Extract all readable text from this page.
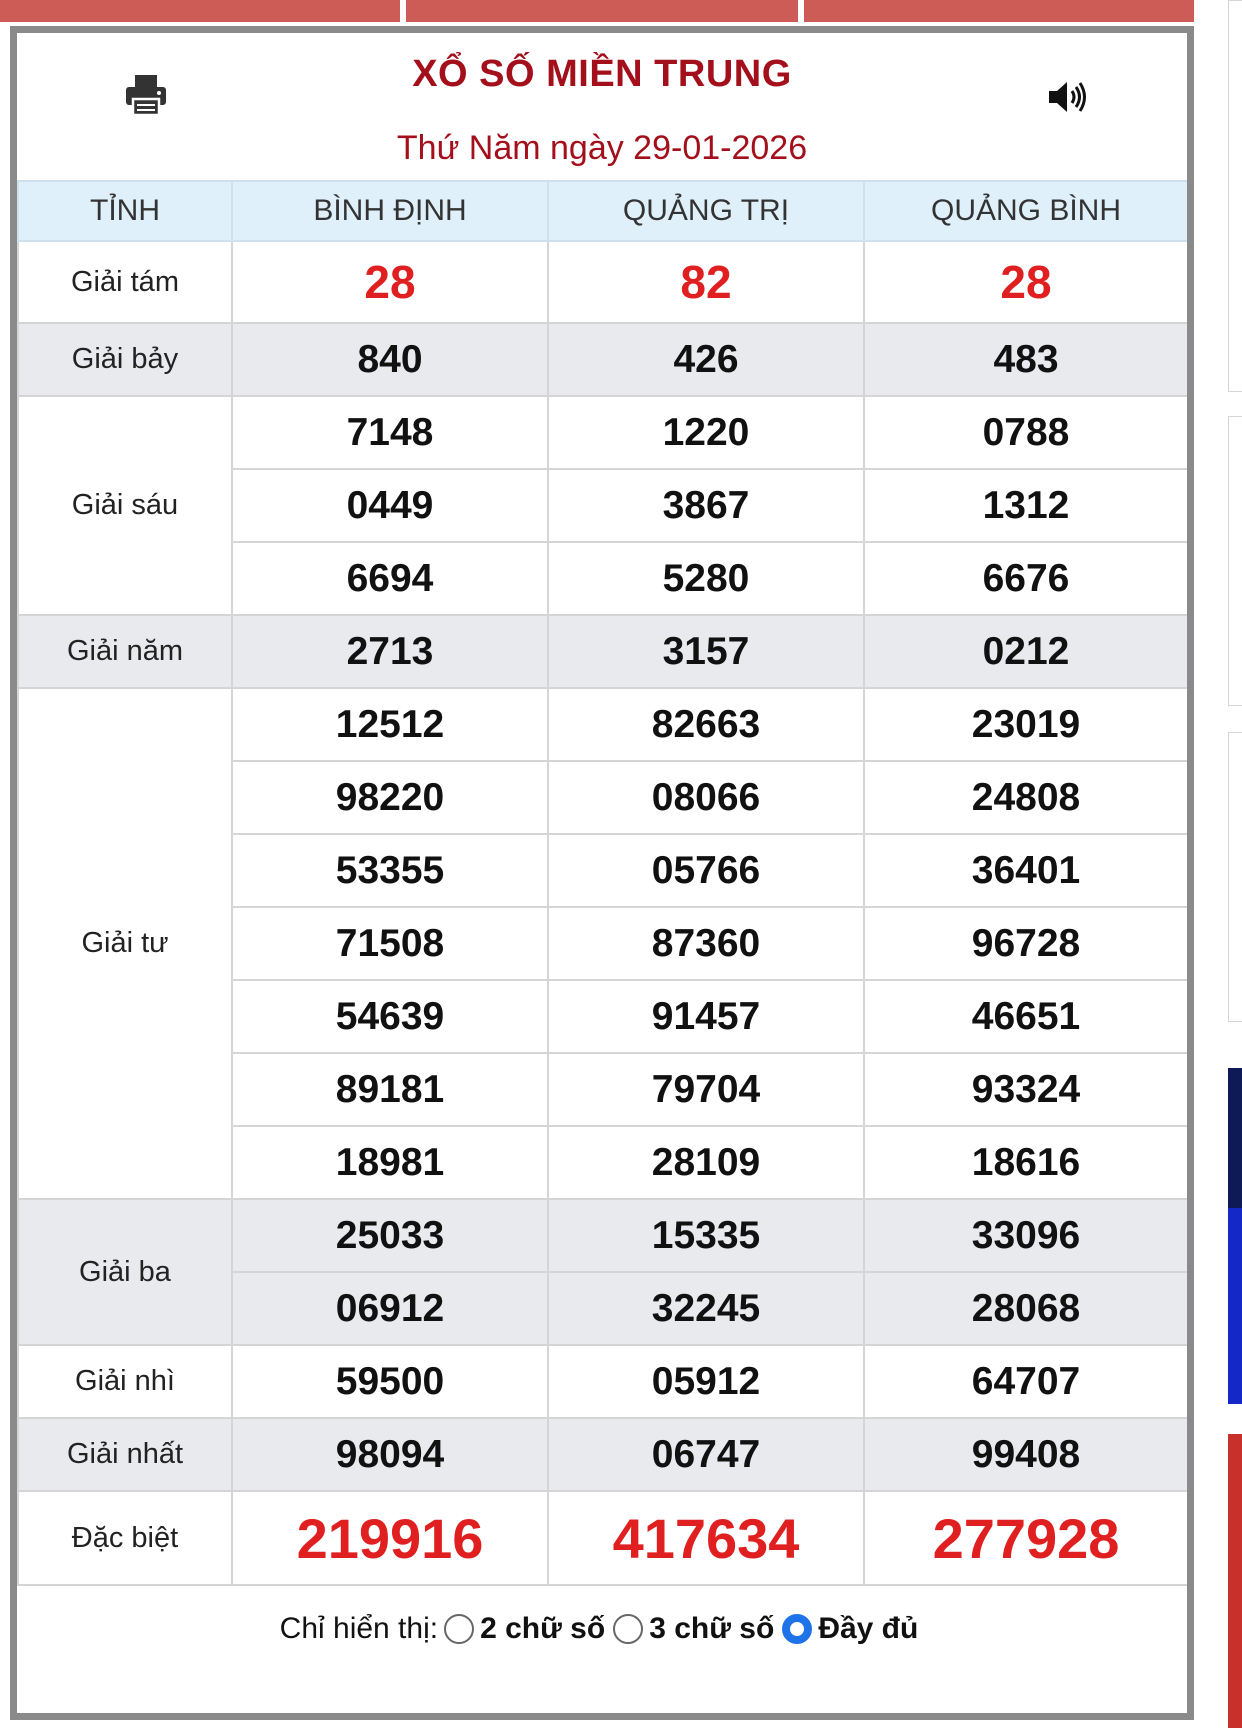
XỔ SỐ MIỀN TRUNG
Thứ Năm ngày 29-01-2026
TỈNH	BÌNH ĐỊNH	QUẢNG TRỊ	QUẢNG BÌNH
Giải tám	28	82	28
Giải bảy	840	426	483
Giải sáu	7148	1220	0788
	0449	3867	1312
	6694	5280	6676
Giải năm	2713	3157	0212
Giải tư	12512	82663	23019
	98220	08066	24808
	53355	05766	36401
	71508	87360	96728
	54639	91457	46651
	89181	79704	93324
	18981	28109	18616
Giải ba	25033	15335	33096
	06912	32245	28068
Giải nhì	59500	05912	64707
Giải nhất	98094	06747	99408
Đặc biệt	219916	417634	277928
Chỉ hiển thị: 2 chữ số 3 chữ số Đầy đủ
